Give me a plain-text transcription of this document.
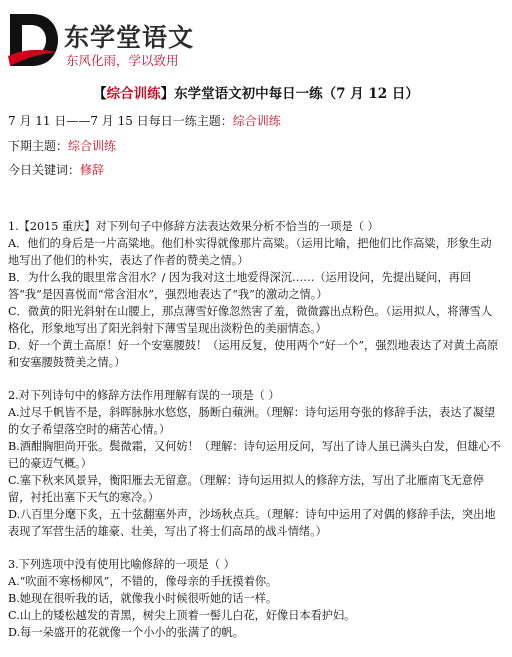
东学堂语文
东风化雨，学以致用
【综合训练】东学堂语文初中每日一练（7 月 12 日）
7 月 11 日——7 月 15 日每日一练主题：综合训练
下期主题：综合训练
今日关键词：修辞

1.【2015 重庆】对下列句子中修辞方法表达效果分析不恰当的一项是（ ）

A．他们的身后是一片高粱地。他们朴实得就像那片高粱。（运用比喻，把他们比作高粱，形象生动地写出了他们的朴实，表达了作者的赞美之情。）

B．为什么我的眼里常含泪水？/ 因为我对这土地爱得深沉……（运用设问，先提出疑问，再回答“我”是因喜悦而“常含泪水”，强烈地表达了“我”的激动之情。）

C．微黄的阳光斜射在山腰上，那点薄雪好像忽然害了羞，微微露出点粉色。（运用拟人，将薄雪人格化，形象地写出了阳光斜射下薄雪呈现出淡粉色的美丽情态。）

D．好一个黄土高原！好一个安塞腰鼓！（运用反复，使用两个“好一个”，强烈地表达了对黄土高原和安塞腰鼓赞美之情。）

2.对下列诗句中的修辞方法作用理解有误的一项是（ ）

A.过尽千帆皆不是，斜晖脉脉水悠悠，肠断白蘋洲。（理解：诗句运用夸张的修辞手法，表达了凝望的女子希望落空时的痛苦心情。）

B.酒酣胸胆尚开张。鬓微霜，又何妨！（理解：诗句运用反问，写出了诗人虽已满头白发，但雄心不已的豪迈气概。）

C.塞下秋来风景异，衡阳雁去无留意。（理解：诗句运用拟人的修辞方法，写出了北雁南飞无意停留，衬托出塞下天气的寒冷。）

D.八百里分麾下炙，五十弦翻塞外声，沙场秋点兵。（理解：诗句中运用了对偶的修辞手法，突出地表现了军营生活的雄豪、壮美，写出了将士们高昂的战斗情绪。）

3.下列选项中没有使用比喻修辞的一项是（ ）

A.“吹面不寒杨柳风”，不错的，像母亲的手抚摸着你。

B.她现在很听我的话，就像我小时候很听她的话一样。

C.山上的矮松越发的青黑，树尖上顶着一髻儿白花，好像日本看护妇。

D.每一朵盛开的花就像一个小小的张满了的帆。
